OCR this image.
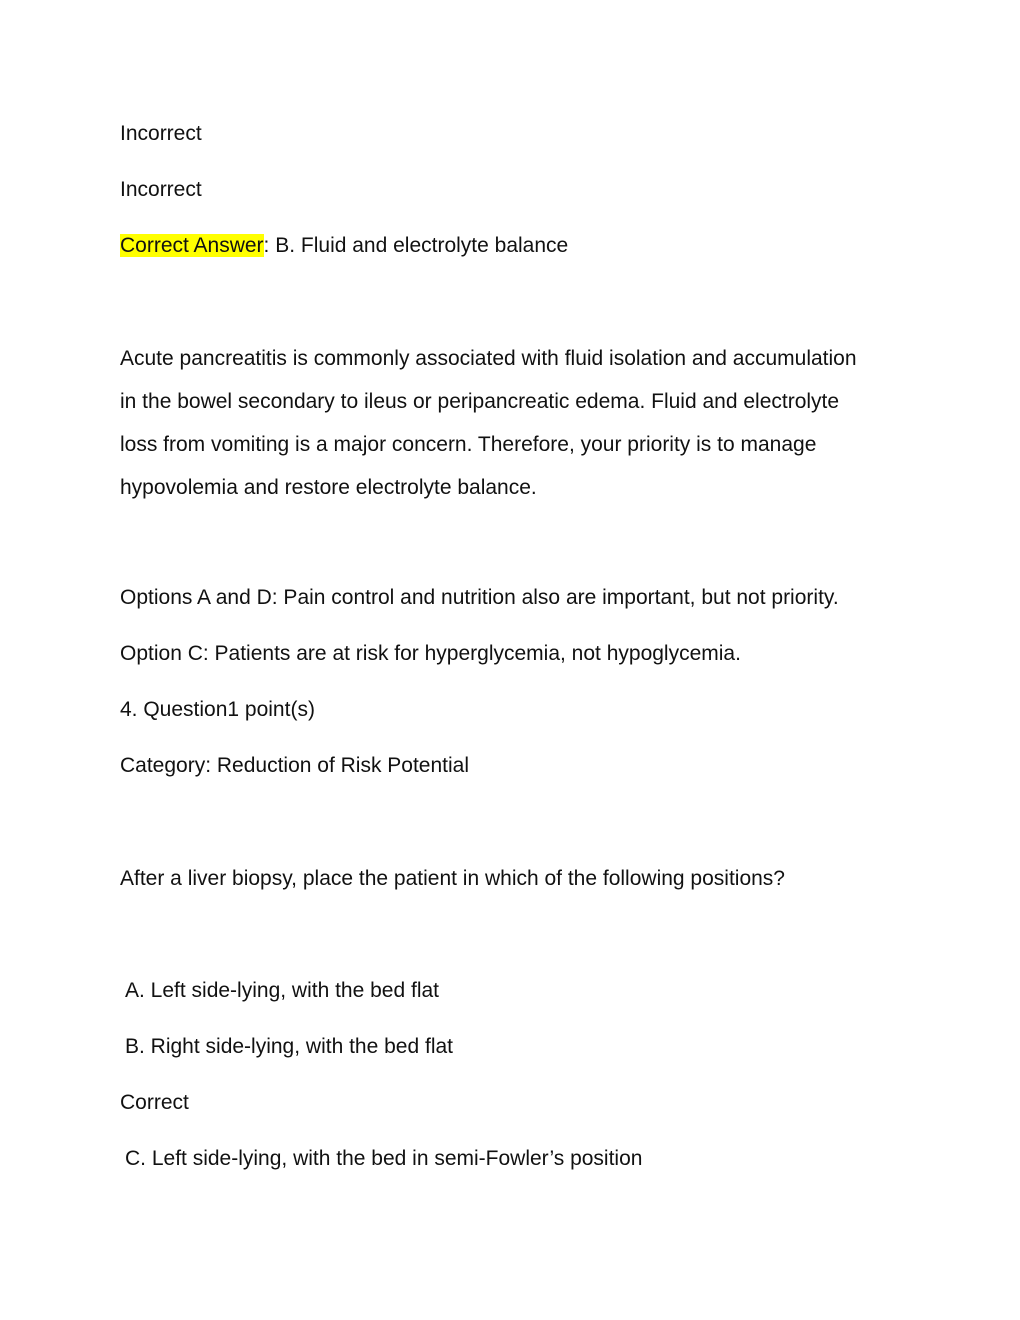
Incorrect
Incorrect
Correct Answer: B. Fluid and electrolyte balance
Acute pancreatitis is commonly associated with fluid isolation and accumulation
in the bowel secondary to ileus or peripancreatic edema. Fluid and electrolyte
loss from vomiting is a major concern. Therefore, your priority is to manage
hypovolemia and restore electrolyte balance.
Options A and D: Pain control and nutrition also are important, but not priority.
Option C: Patients are at risk for hyperglycemia, not hypoglycemia.
4. Question1 point(s)
Category: Reduction of Risk Potential
After a liver biopsy, place the patient in which of the following positions?
A. Left side-lying, with the bed flat
B. Right side-lying, with the bed flat
Correct
C. Left side-lying, with the bed in semi-Fowler’s position
